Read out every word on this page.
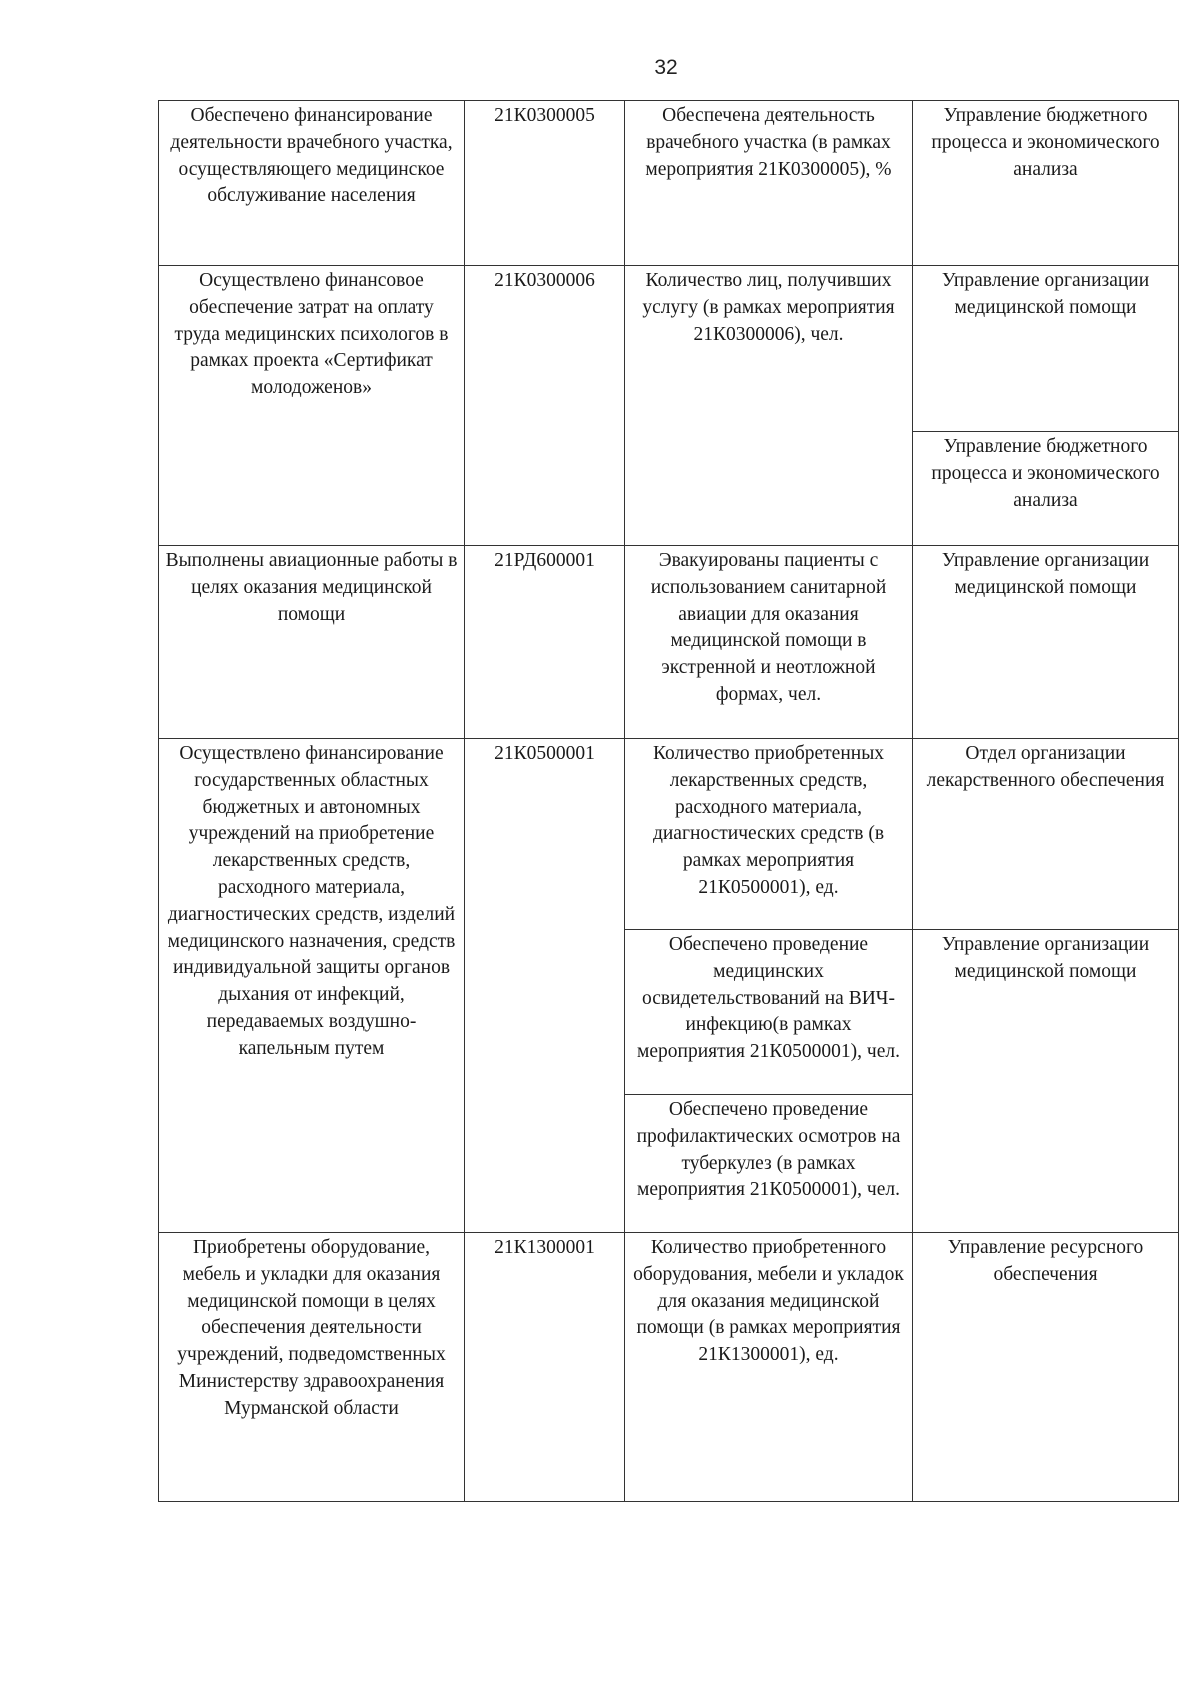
32
Обеспечено финансирование деятельности врачебного участка, осуществляющего медицинское обслуживание населения	21К0300005	Обеспечена деятельность врачебного участка (в рамках мероприятия 21К0300005), %	Управление бюджетного процесса и экономического анализа

Осуществлено финансовое обеспечение затрат на оплату труда медицинских психологов в рамках проекта «Сертификат молодоженов»	21К0300006	Количество лиц, получивших услугу (в рамках мероприятия 21К0300006), чел.	Управление организации медицинской помощи

			Управление бюджетного процесса и экономического анализа

Выполнены авиационные работы в целях оказания медицинской помощи	21РД600001	Эвакуированы пациенты с использованием санитарной авиации для оказания медицинской помощи в экстренной и неотложной формах, чел.	Управление организации медицинской помощи

Осуществлено финансирование государственных областных бюджетных и автономных учреждений на приобретение лекарственных средств, расходного материала, диагностических средств, изделий медицинского назначения, средств индивидуальной защиты органов дыхания от инфекций, передаваемых воздушно-капельным путем	21К0500001	Количество приобретенных лекарственных средств, расходного материала, диагностических средств (в рамках мероприятия 21К0500001), ед.	Отдел организации лекарственного обеспечения

		Обеспечено проведение медицинских освидетельствований на ВИЧ-инфекцию(в рамках мероприятия 21К0500001), чел.	Управление организации медицинской помощи

		Обеспечено проведение профилактических осмотров на туберкулез (в рамках мероприятия 21К0500001), чел.	

Приобретены оборудование, мебель и укладки для оказания медицинской помощи в целях обеспечения деятельности учреждений, подведомственных Министерству здравоохранения Мурманской области	21К1300001	Количество приобретенного оборудования, мебели и укладок для оказания медицинской помощи (в рамках мероприятия 21К1300001), ед.	Управление ресурсного обеспечения
